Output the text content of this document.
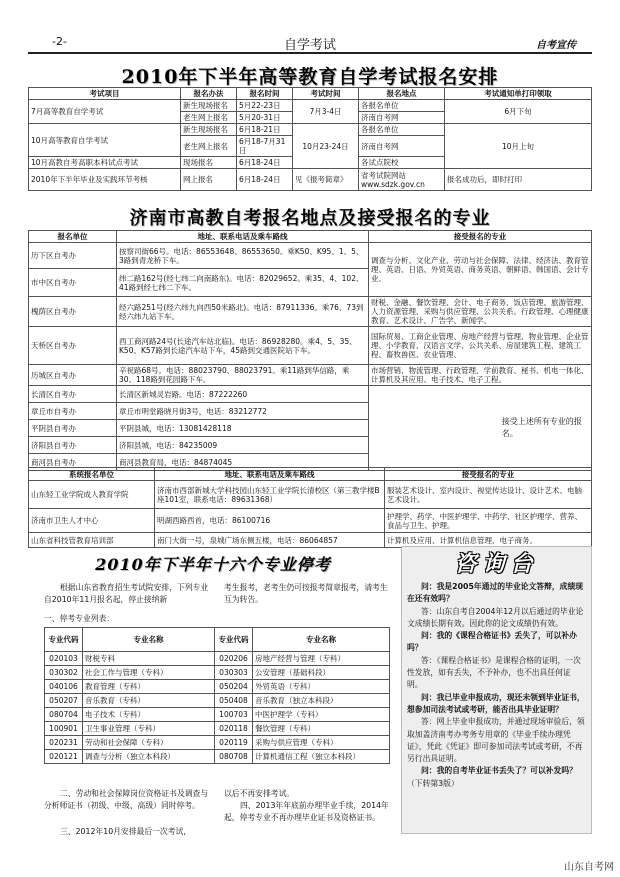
-2-	自学考试	自考宣传
2010年下半年高等教育自学考试报名安排
考试项目	报名办法	报名时间	考试时间	报名地点	考试通知单打印领取
7月高等教育自学考试	新生现场报名	5月22-23日	7月3-4日	各报名单位	6月下旬
	老生网上报名	5月20-31日		济南自考网	
10月高等教育自学考试	新生现场报名	6月18-21日	10月23-24日	各报名单位	10月上旬
	老生网上报名	6月18-7月31日		济南自考网	
10月高教自考高职本科试点考试	现场报名	6月18-24日		各试点院校	
2010年下半年毕业及实践环节考核	网上报名	6月18-24日	见《报考简章》	省考试院网站 www.sdzk.gov.cn	报名成功后，即时打印
济南市高教自考报名地点及接受报名的专业
报名单位	地址、联系电话及乘车路线	接受报名的专业
历下区自考办	按察司街66号。电话：86553648、86553650。乘K50、K95、1、5、3路到青龙桥下车。	调查与分析、文化产业、劳动与社会保障、法律、经济法、教育管理、英语、日语、外贸英语、商务英语、朝鲜语、韩国语、会计专业、
市中区自考办	纬二路162号(经七纬二向南路东)。电话：82029652。乘35、4、102、41路到经七纬二下车。	
槐荫区自考办	经六路251号(经六纬九向西50米路北)。电话：87911336。乘76、73到经六纬九站下车。	财税、金融、餐饮管理、会计、电子商务、饭店管理、旅游管理、人力资源管理、采购与供应管理、公共关系、行政管理、心理健康教育、艺术设计、广告学、新闻学、
天桥区自考办	西工商河路24号(长途汽车站北临)。电话：86928280。乘4、5、35、K50、K57路到长途汽车站下车，45路到交通医院站下车。	国际贸易、工商企业管理、房地产经营与管理、物业管理、企业管理、小学教育、汉语言文学、公共关系、房屋建筑工程、建筑工程、畜牧兽医、农业管理、
历城区自考办	辛祝路68号。电话：88023790、88023791。乘11路到华信路，乘30、118路到花园路下车。	市场营销、物流管理、行政管理、学前教育、秘书、机电一体化、计算机及其应用、电子技术、电子工程。
长清区自考办	长清区新城灵岩路。电话：87222260	接受上述所有专业的报名。

章丘市自考办	章丘市明堂路晓月街3号，电话：83212772	
平阴县自考办	平阴县城，电话：13081428118	
济阳县自考办	济阳县城，电话：84235009	
商河县自考办	商河县教育局，电话：84874045	
系统报名单位	地址、联系电话及乘车路线	接受报名的专业
山东轻工业学院成人教育学院	济南市西部新城大学科技园山东轻工业学院长清校区（第三教学楼B座101室，联系电话：89631368）	服装艺术设计、室内设计、视觉传达设计、设计艺术、电脑艺术设计。
济南市卫生人才中心	明湖西路西首，电话：86100716	护理学、药学、中医护理学、中药学、社区护理学、营养、食品与卫生、护理。
山东省科技管教育培训部	南门大街一号，泉城广场东侧五楼，电话：86064857	计算机及应用、计算机信息管理、电子商务。
2010年下半年十六个专业停考
根据山东省教育招生考试院安排，下列专业自2010年11月报名起，停止接纳新
考生报考，老考生仍可按报考简章报考，请考生互为转告。
一、停考专业列表：
专业代码	专业名称	专业代码	专业名称
020103	财税专科	020206	房地产经营与管理（专科）
030302	社会工作与管理（专科）	030303	公安管理（基础科段）
040106	教育管理（专科）	050204	外贸英语（专科）
050207	音乐教育（专科）	050408	音乐教育（独立本科段）
080704	电子技术（专科）	100703	中医护理学（专科）
100901	卫生事业管理（专科）	020118	餐饮管理（专科）
020231	劳动和社会保障（专科）	020119	采购与供应管理（专科）
020121	调查与分析（独立本科段）	080708	计算机通信工程（独立本科段）
二、劳动和社会保障岗位资格证书及调查与分析师证书（初级、中级、高级）同时停考。
三、2012年10月安排最后一次考试，
以后不再安排考试。
四、2013年年底前办理毕业手续，2014年起，停考专业不再办理毕业证书及资格证书。
咨询台

问：我是2005年通过的毕业论文答辩，成绩现在还有效吗？

答：山东自考自2004年12月以后通过的毕业论文成绩长期有效。因此你的论文成绩仍有效。

问：我的《课程合格证书》丢失了，可以补办吗？

答：《课程合格证书》是课程合格的证明，一次性发放，如有丢失，不予补办，也不出具任何证明。

问：我已毕业申报成功，现还未领到毕业证书，想参加司法考试或考研，能否出具毕业证明？

答：网上毕业申报成功，并通过现场审验后，领取加盖济南考办考务专用章的《毕业手续办理凭证》，凭此《凭证》即可参加司法考试或考研，不再另行出具证明。

问：我的自考毕业证书丢失了？可以补发吗？（下转第3版）

山东自考网
